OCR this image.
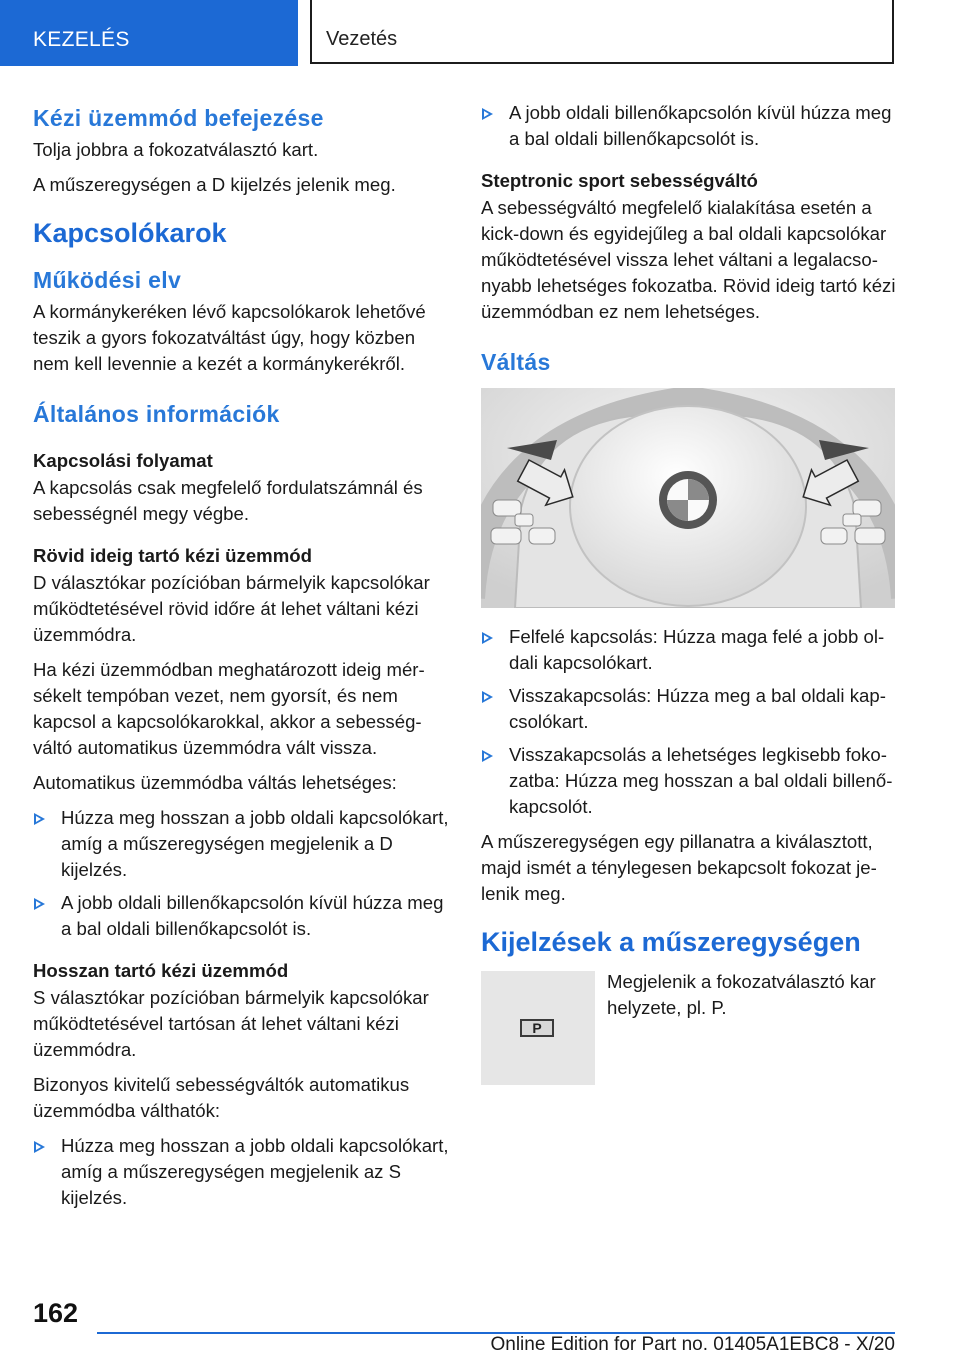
KEZELÉS	Vezetés
Kézi üzemmód befejezése

Tolja jobbra a fokozatválasztó kart.

A műszeregységen a D kijelzés jelenik meg.

Kapcsolókarok
Működési elv

A kormánykeréken lévő kapcsolókarok lehetővé teszik a gyors fokozatváltást úgy, hogy közben nem kell levennie a kezét a kormánykerékről.

Általános információk
Kapcsolási folyamat

A kapcsolás csak megfelelő fordulatszámnál és sebességnél megy végbe.

Rövid ideig tartó kézi üzemmód

D választókar pozícióban bármelyik kapcsolókar működtetésével rövid időre át lehet váltani kézi üzemmódra.

Ha kézi üzemmódban meghatározott ideig mérsékelt tempóban vezet, nem gyorsít, és nem kapcsol a kapcsolókarokkal, akkor a sebességváltó automatikus üzemmódra vált vissza.

Automatikus üzemmódba váltás lehetséges:

Húzza meg hosszan a jobb oldali kapcsolókart, amíg a műszeregységen megjelenik a D kijelzés.
A jobb oldali billenőkapcsolón kívül húzza meg a bal oldali billenőkapcsolót is.
Hosszan tartó kézi üzemmód

S választókar pozícióban bármelyik kapcsolókar működtetésével tartósan át lehet váltani kézi üzemmódra.

Bizonyos kivitelű sebességváltók automatikus üzemmódba válthatók:

Húzza meg hosszan a jobb oldali kapcsolókart, amíg a műszeregységen megjelenik az S kijelzés.
A jobb oldali billenőkapcsolón kívül húzza meg a bal oldali billenőkapcsolót is.
Steptronic sport sebességváltó

A sebességváltó megfelelő kialakítása esetén a kick-down és egyidejűleg a bal oldali kapcsolókar működtetésével vissza lehet váltani a legalacsonyabb lehetséges fokozatba. Rövid ideig tartó kézi üzemmódban ez nem lehetséges.

Váltás
Felfelé kapcsolás: Húzza maga felé a jobb oldali kapcsolókart.
Visszakapcsolás: Húzza meg a bal oldali kapcsolókart.
Visszakapcsolás a lehetséges legkisebb fokozatba: Húzza meg hosszan a bal oldali billenőkapcsolót.

A műszeregységen egy pillanatra a kiválasztott, majd ismét a ténylegesen bekapcsolt fokozat jelenik meg.

Kijelzések a műszeregységen
P

Megjelenik a fokozatválasztó kar helyzete, pl. P.

162
Online Edition for Part no. 01405A1EBC8 - X/20
